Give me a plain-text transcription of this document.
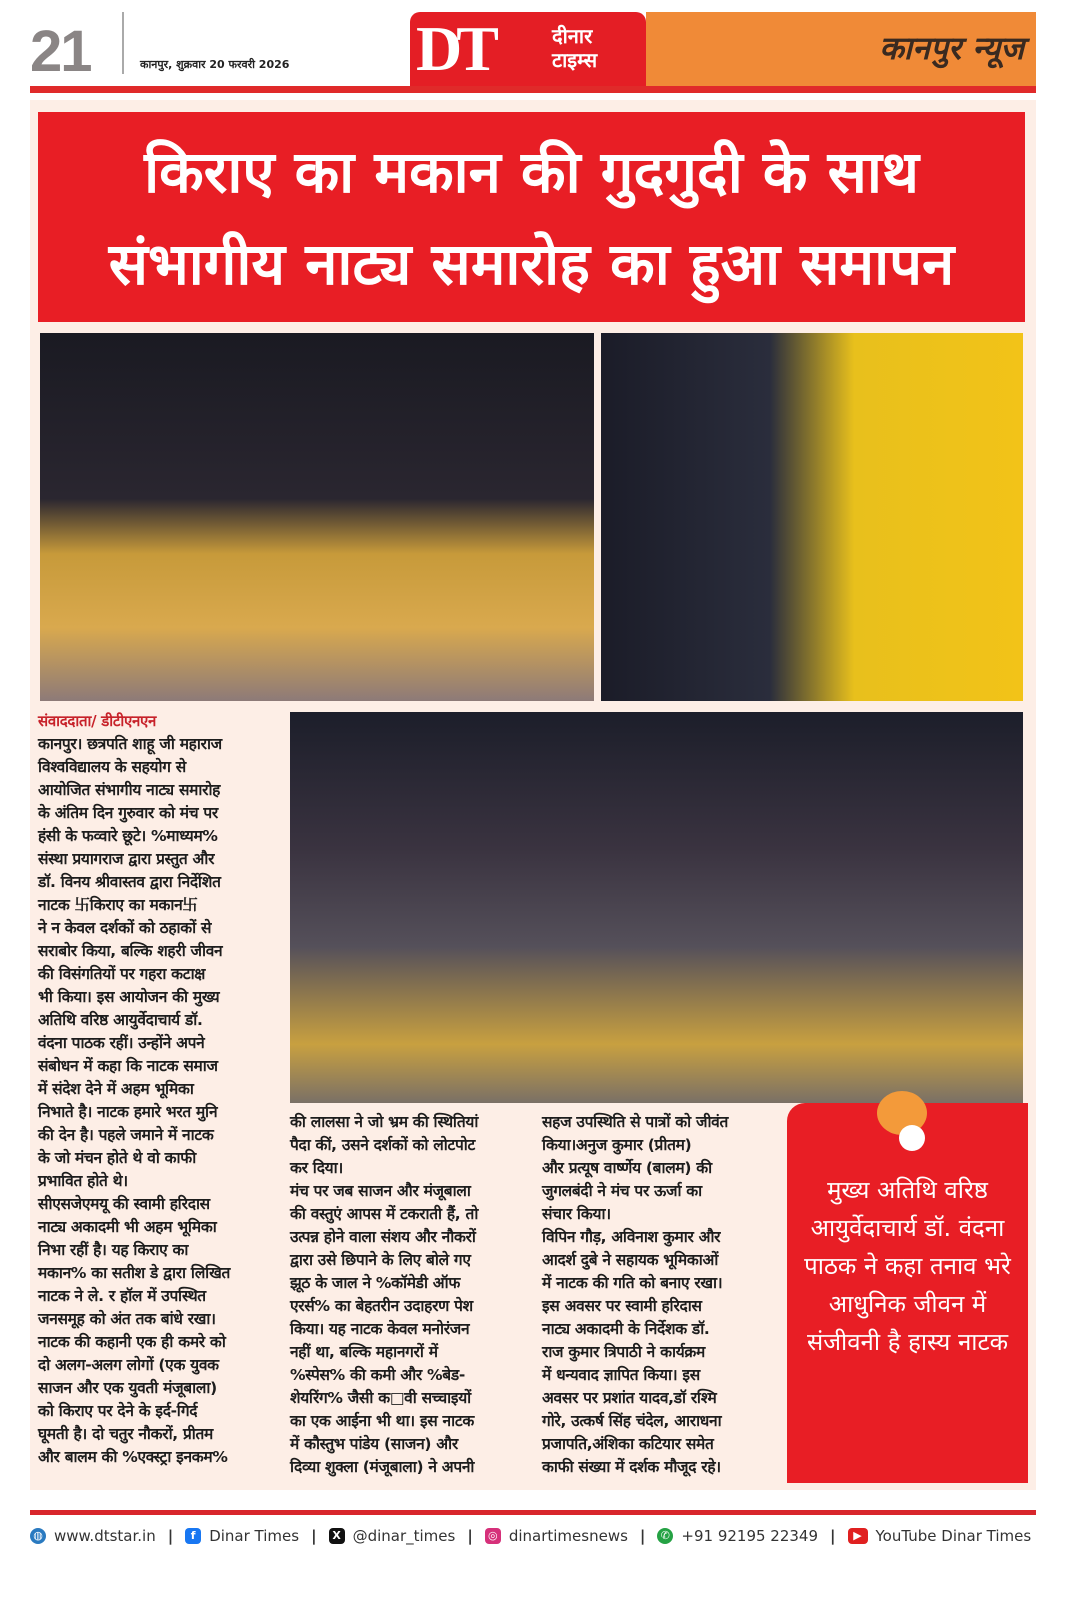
21	कानपुर, शुक्रवार 20 फरवरी 2026 DT	दीनार
टाइम्स	कानपुर न्यूज
किराए का मकान की गुदगुदी के साथ
संभागीय नाट्य समारोह का हुआ समापन
संवाददाता/ डीटीएनएन

कानपुर। छत्रपति शाहू जी महाराज
विश्वविद्यालय के सहयोग से
आयोजित संभागीय नाट्य समारोह
के अंतिम दिन गुरुवार को मंच पर
हंसी के फव्वारे छूटे। %माध्यम%
संस्था प्रयागराज द्वारा प्रस्तुत और
डॉ. विनय श्रीवास्तव द्वारा निर्देशित
नाटक 卐किराए का मकान卐
ने न केवल दर्शकों को ठहाकों से
सराबोर किया, बल्कि शहरी जीवन
की विसंगतियों पर गहरा कटाक्ष
भी किया। इस आयोजन की मुख्य
अतिथि वरिष्ठ आयुर्वेदाचार्य डॉ.
वंदना पाठक रहीं। उन्होंने अपने
संबोधन में कहा कि नाटक समाज
में संदेश देने में अहम भूमिका
निभाते है। नाटक हमारे भरत मुनि
की देन है। पहले जमाने में नाटक
के जो मंचन होते थे वो काफी
प्रभावित होते थे।
सीएसजेएमयू की स्वामी हरिदास
नाट्य अकादमी भी अहम भूमिका
निभा रहीं है। यह किराए का
मकान% का सतीश डे द्वारा लिखित
नाटक ने ले. र हॉल में उपस्थित
जनसमूह को अंत तक बांधे रखा।
नाटक की कहानी एक ही कमरे को
दो अलग-अलग लोगों (एक युवक
साजन और एक युवती मंजूबाला)
को किराए पर देने के इर्द-गिर्द
घूमती है। दो चतुर नौकरों, प्रीतम
और बालम की %एक्स्ट्रा इनकम%

की लालसा ने जो भ्रम की स्थितियां
पैदा कीं, उसने दर्शकों को लोटपोट
कर दिया।
मंच पर जब साजन और मंजूबाला
की वस्तुएं आपस में टकराती हैं, तो
उत्पन्न होने वाला संशय और नौकरों
द्वारा उसे छिपाने के लिए बोले गए
झूठ के जाल ने %कॉमेडी ऑफ
एरर्स% का बेहतरीन उदाहरण पेश
किया। यह नाटक केवल मनोरंजन
नहीं था, बल्कि महानगरों में
%स्पेस% की कमी और %बेड-
शेयरिंग% जैसी क□वी सच्चाइयों
का एक आईना भी था। इस नाटक
में कौस्तुभ पांडेय (साजन) और
दिव्या शुक्ला (मंजूबाला) ने अपनी

सहज उपस्थिति से पात्रों को जीवंत
किया।अनुज कुमार (प्रीतम)
और प्रत्यूष वार्ष्णेय (बालम) की
जुगलबंदी ने मंच पर ऊर्जा का
संचार किया।
विपिन गौड़, अविनाश कुमार और
आदर्श दुबे ने सहायक भूमिकाओं
में नाटक की गति को बनाए रखा।
इस अवसर पर स्वामी हरिदास
नाट्य अकादमी के निर्देशक डॉ.
राज कुमार त्रिपाठी ने कार्यक्रम
में धन्यवाद ज्ञापित किया। इस
अवसर पर प्रशांत यादव,डॉ रश्मि
गोरे, उत्कर्ष सिंह चंदेल, आराधना
प्रजापति,अंशिका कटियार समेत
काफी संख्या में दर्शक मौजूद रहे।

मुख्य अतिथि वरिष्ठ आयुर्वेदाचार्य डॉ. वंदना पाठक ने कहा तनाव भरे आधुनिक जीवन में संजीवनी है हास्य नाटक
◍ www.dtstar.in |	f Dinar Times |	X @dinar_times | ◎ dinartimesnews |	✆ +91 92195 22349 |	▶ YouTube Dinar Times
